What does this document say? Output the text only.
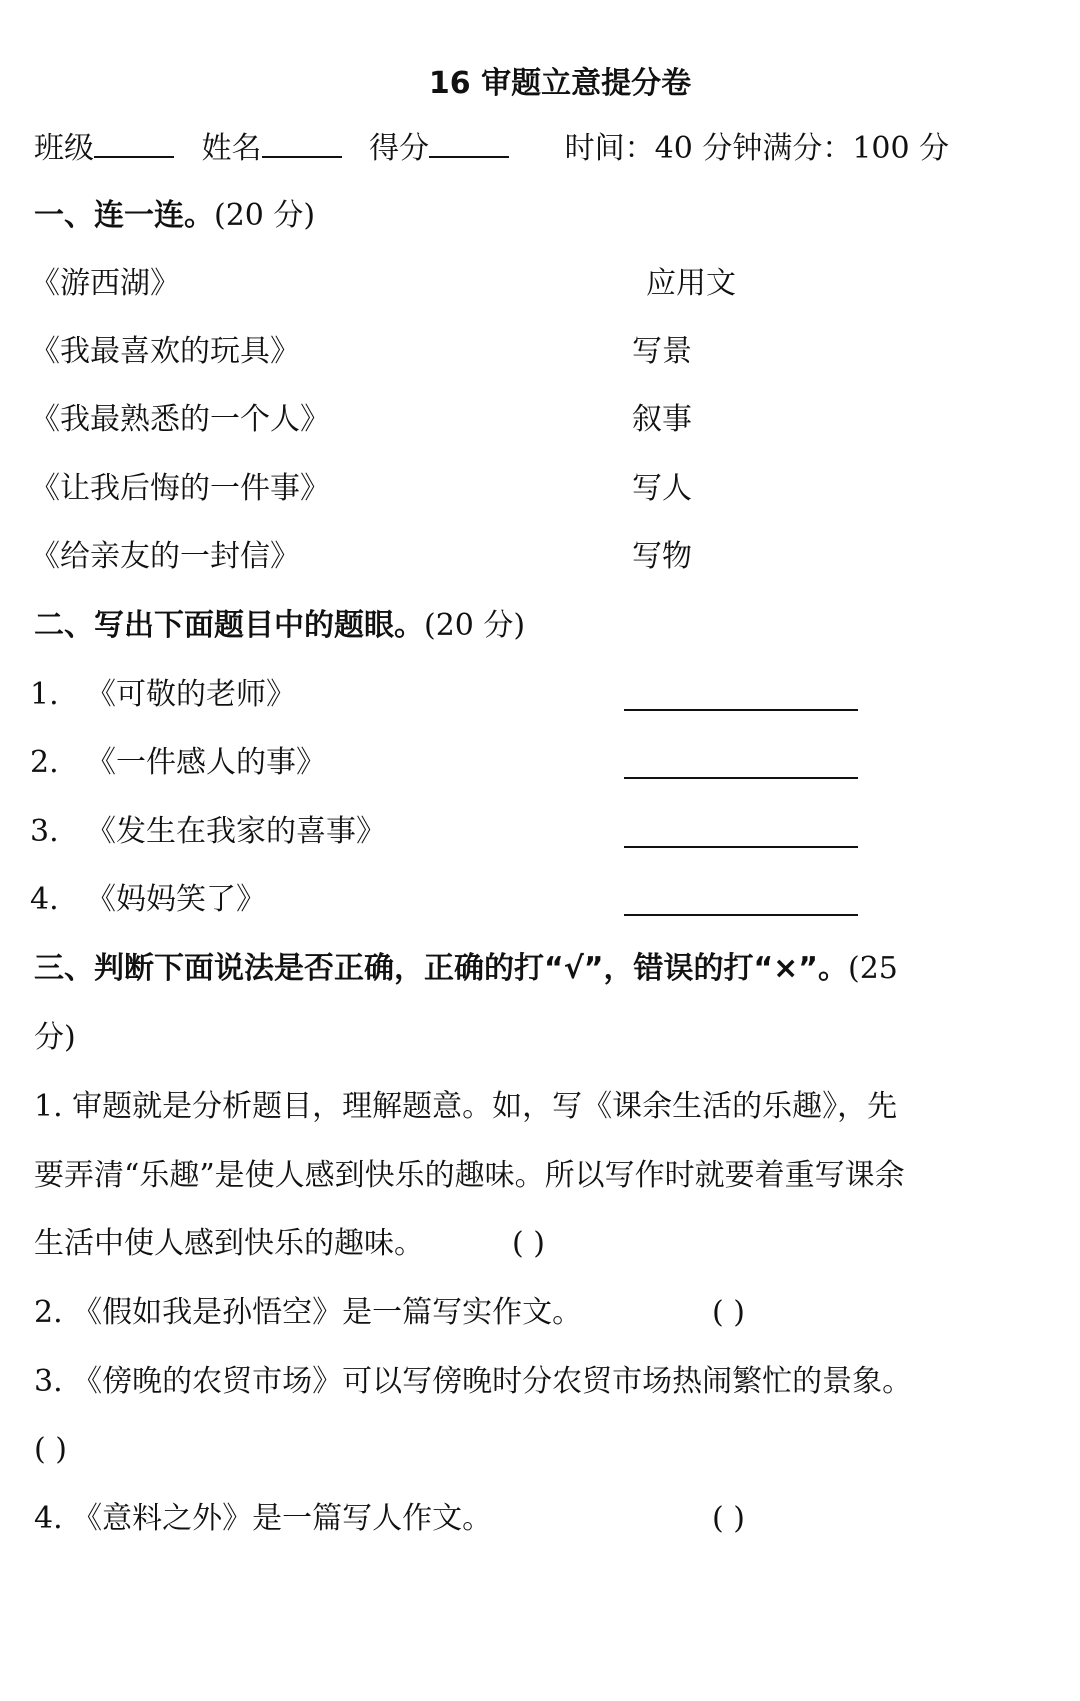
16 审题立意提分卷
班级	姓名	得分	时间：40 分钟满分：100 分
一、连一连。(20 分)
《游西湖》	应用文
《我最喜欢的玩具》	写景
《我最熟悉的一个人》	叙事
《让我后悔的一件事》	写人
《给亲友的一封信》	写物
二、写出下面题目中的题眼。(20 分)
1. 《可敬的老师》
2. 《一件感人的事》
3. 《发生在我家的喜事》
4. 《妈妈笑了》
三、判断下面说法是否正确，正确的打“√”，错误的打“×”。(25
分)
1. 审题就是分析题目，理解题意。如，写《课余生活的乐趣》，先
要弄清“乐趣”是使人感到快乐的趣味。所以写作时就要着重写课余
生活中使人感到快乐的趣味。	( )
2. 《假如我是孙悟空》是一篇写实作文。	( )
3. 《傍晚的农贸市场》可以写傍晚时分农贸市场热闹繁忙的景象。
( )
4. 《意料之外》是一篇写人作文。	( )
